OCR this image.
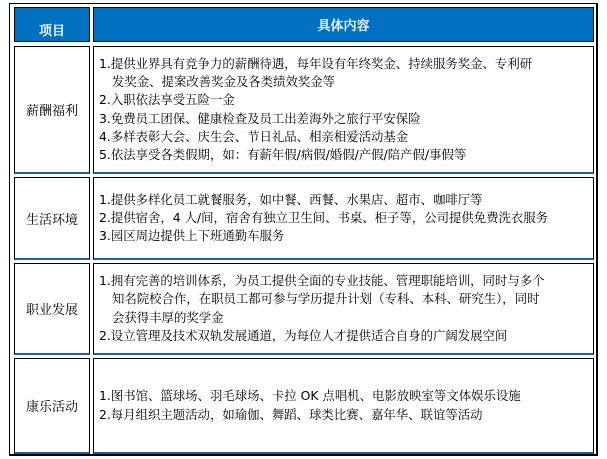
项目	具体内容
薪酬福利
1.提供业界具有竞争力的薪酬待遇，每年设有年终奖金、持续服务奖金、专利研
发奖金、提案改善奖金及各类绩效奖金等
2.入职依法享受五险一金
3.免费员工团保、健康检查及员工出差海外之旅行平安保险
4.多样表彰大会、庆生会、节日礼品、相亲相爱活动基金
5.依法享受各类假期，如：有薪年假/病假/婚假/产假/陪产假/事假等
生活环境
1.提供多样化员工就餐服务，如中餐、西餐、水果店、超市、咖啡厅等
2.提供宿舍，4 人/间，宿舍有独立卫生间、书桌、柜子等，公司提供免费洗衣服务
3.园区周边提供上下班通勤车服务
职业发展
1.拥有完善的培训体系，为员工提供全面的专业技能、管理职能培训，同时与多个
知名院校合作，在职员工都可参与学历提升计划（专科、本科、研究生），同时
会获得丰厚的奖学金
2.设立管理及技术双轨发展通道，为每位人才提供适合自身的广阔发展空间
康乐活动
1.图书馆、篮球场、羽毛球场、卡拉 OK 点唱机、电影放映室等文体娱乐设施
2.每月组织主题活动，如瑜伽、舞蹈、球类比赛、嘉年华、联谊等活动
